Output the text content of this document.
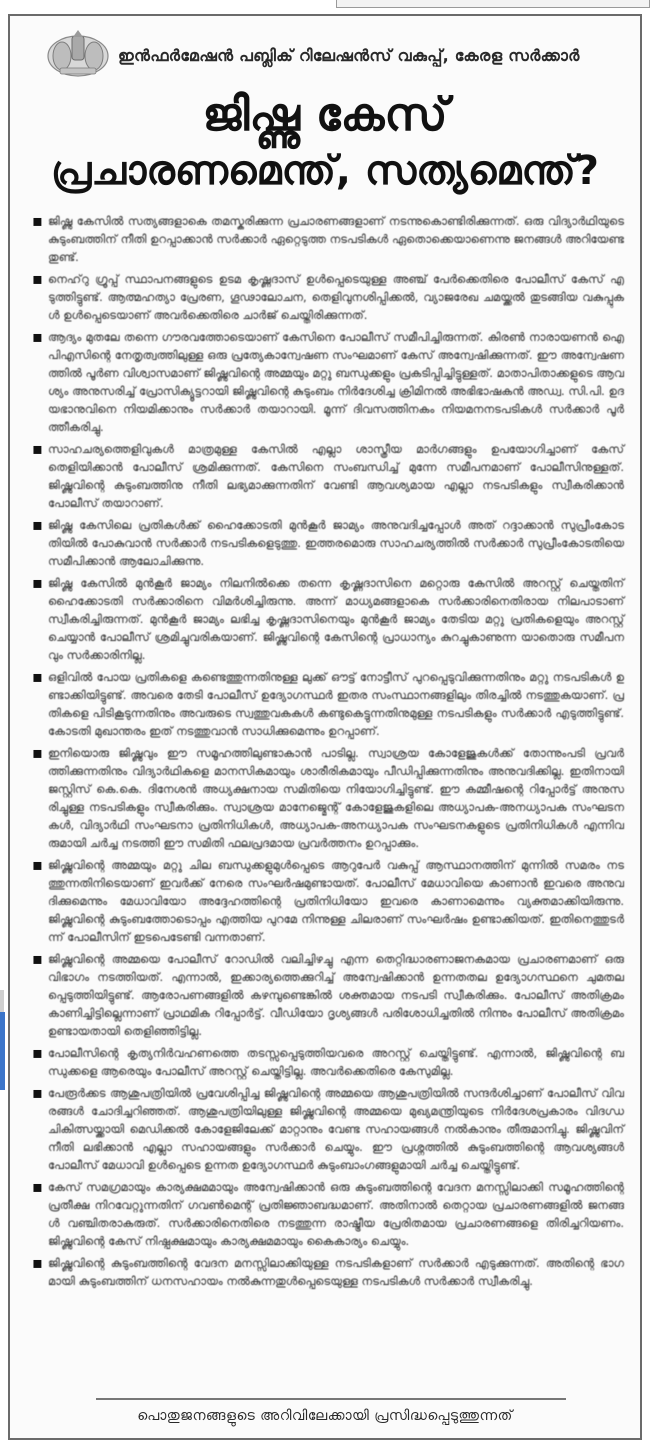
ഇൻഫർമേഷൻ പബ്ലിക് റിലേഷൻസ് വകുപ്പ്, കേരള സർക്കാർ
ജിഷ്ണു കേസ്
പ്രചാരണമെന്ത്, സത്യമെന്ത്?
▪ ജിഷ്ണു കേസിൽ സത്യങ്ങളാകെ തമസ്കരിക്കുന്ന പ്രചാരണങ്ങളാണ് നടന്നുകൊണ്ടിരിക്കുന്നത്. ഒരു വിദ്യാർഥിയുടെ കുടുംബത്തിന് നീതി ഉറപ്പാക്കാൻ സർക്കാർ ഏറ്റെടുത്ത നടപടികൾ ഏതൊക്കെയാണെന്നു ജനങ്ങൾ അറിയേണ്ടതുണ്ട്.
▪ നെഹ്‌റു ഗ്രൂപ്പ് സ്ഥാപനങ്ങളുടെ ഉടമ കൃഷ്ണദാസ് ഉൾപ്പെടെയുള്ള അഞ്ച് പേർക്കെതിരെ പോലീസ് കേസ് എടുത്തിട്ടുണ്ട്. ആത്മഹത്യാ പ്രേരണ, ഗൂഢാലോചന, തെളിവുനശിപ്പിക്കൽ, വ്യാജരേഖ ചമയ്ക്കൽ തുടങ്ങിയ വകുപ്പുകൾ ഉൾപ്പെടെയാണ് അവർക്കെതിരെ ചാർജ് ചെയ്തിരിക്കുന്നത്.
▪ ആദ്യം മുതലേ തന്നെ ഗൗരവത്തോടെയാണ് കേസിനെ പോലീസ് സമീപിച്ചിരുന്നത്. കിരൺ നാരായണൻ ഐപിഎസിന്റെ നേതൃത്വത്തിലുള്ള ഒരു പ്രത്യേകാന്വേഷണ സംഘമാണ് കേസ് അന്വേഷിക്കുന്നത്. ഈ അന്വേഷണത്തിൽ പൂർണ വിശ്വാസമാണ് ജിഷ്ണുവിന്റെ അമ്മയും മറ്റു ബന്ധുക്കളും പ്രകടിപ്പിച്ചിട്ടുള്ളത്. മാതാപിതാക്കളുടെ ആവശ്യം അനുസരിച്ച് പ്രോസിക്യൂട്ടറായി ജിഷ്ണുവിന്റെ കുടുംബം നിർദേശിച്ച ക്രിമിനൽ അഭിഭാഷകൻ അഡ്വ. സി.പി. ഉദയഭാനുവിനെ നിയമിക്കാനും സർക്കാർ തയാറായി. മൂന്ന് ദിവസത്തിനകം നിയമനനടപടികൾ സർക്കാർ പൂർത്തീകരിച്ചു.
▪ സാഹചര്യത്തെളിവുകൾ മാത്രമുള്ള കേസിൽ എല്ലാ ശാസ്ത്രീയ മാർഗങ്ങളും ഉപയോഗിച്ചാണ് കേസ് തെളിയിക്കാൻ പോലീസ് ശ്രമിക്കുന്നത്. കേസിനെ സംബന്ധിച്ച് മുന്നേ സമീപനമാണ് പോലീസിനുള്ളത്. ജിഷ്ണുവിന്റെ കുടുംബത്തിനു നീതി ലഭ്യമാക്കുന്നതിന് വേണ്ടി ആവശ്യമായ എല്ലാ നടപടികളും സ്വീകരിക്കാൻ പോലീസ് തയാറാണ്.
▪ ജിഷ്ണു കേസിലെ പ്രതികൾക്ക് ഹൈക്കോടതി മുൻകൂർ ജാമ്യം അനുവദിച്ചപ്പോൾ അത് റദ്ദാക്കാൻ സുപ്രീംകോടതിയിൽ പോകുവാൻ സർക്കാർ നടപടികളെടുത്തു. ഇത്തരമൊരു സാഹചര്യത്തിൽ സർക്കാർ സുപ്രീംകോടതിയെ സമീപിക്കാൻ ആലോചിക്കുന്നു.
▪ ജിഷ്ണു കേസിൽ മുൻകൂർ ജാമ്യം നിലനിൽക്കെ തന്നെ കൃഷ്ണദാസിനെ മറ്റൊരു കേസിൽ അറസ്റ്റ് ചെയ്തതിന് ഹൈക്കോടതി സർക്കാരിനെ വിമർശിച്ചിരുന്നു. അന്ന് മാധ്യമങ്ങളാകെ സർക്കാരിനെതിരായ നിലപാടാണ് സ്വീകരിച്ചിരുന്നത്. മുൻകൂർ ജാമ്യം ലഭിച്ച കൃഷ്ണദാസിനെയും മുൻകൂർ ജാമ്യം തേടിയ മറ്റു പ്രതികളെയും അറസ്റ്റ് ചെയ്യാൻ പോലീസ് ശ്രമിച്ചുവരികയാണ്. ജിഷ്ണുവിന്റെ കേസിന്റെ പ്രാധാന്യം കുറച്ചുകാണുന്ന യാതൊരു സമീപനവും സർക്കാരിനില്ല.
▪ ഒളിവിൽ പോയ പ്രതികളെ കണ്ടെത്തുന്നതിനുള്ള ലുക്ക് ഔട്ട് നോട്ടീസ് പുറപ്പെടുവിക്കുന്നതിനും മറ്റു നടപടികൾ ഉണ്ടാക്കിയിട്ടുണ്ട്. അവരെ തേടി പോലീസ് ഉദ്യോഗസ്ഥർ ഇതര സംസ്ഥാനങ്ങളിലും തിരച്ചിൽ നടത്തുകയാണ്. പ്രതികളെ പിടികൂടുന്നതിനും അവരുടെ സ്വത്തുവകകൾ കണ്ടുകെട്ടുന്നതിനുമുള്ള നടപടികളും സർക്കാർ എടുത്തിട്ടുണ്ട്. കോടതി മുഖാന്തരം ഇത് നടത്തുവാൻ സാധിക്കുമെന്നും ഉറപ്പാണ്.
▪ ഇനിയൊരു ജിഷ്ണുവും ഈ സമൂഹത്തിലുണ്ടാകാൻ പാടില്ല. സ്വാശ്രയ കോളേജുകൾക്ക് തോന്നുംപടി പ്രവർത്തിക്കുന്നതിനും വിദ്യാർഥികളെ മാനസികമായും ശാരീരികമായും പീഡിപ്പിക്കുന്നതിനും അനുവദിക്കില്ല. ഇതിനായി ജസ്റ്റിസ് കെ.കെ. ദിനേശൻ അധ്യക്ഷനായ സമിതിയെ നിയോഗിച്ചിട്ടുണ്ട്. ഈ കമ്മീഷന്റെ റിപ്പോർട്ട് അനുസരിച്ചുള്ള നടപടികളും സ്വീകരിക്കും. സ്വാശ്രയ മാനേജ്മെന്റ് കോളേജുകളിലെ അധ്യാപക-അനധ്യാപക സംഘടനകൾ, വിദ്യാർഥി സംഘടനാ പ്രതിനിധികൾ, അധ്യാപക-അനധ്യാപക സംഘടനകളുടെ പ്രതിനിധികൾ എന്നിവരുമായി ചർച്ച നടത്തി ഈ സമിതി ഫലപ്രദമായ പ്രവർത്തനം ഉറപ്പാക്കും.
▪ ജിഷ്ണുവിന്റെ അമ്മയും മറ്റു ചില ബന്ധുക്കളുമുൾപ്പെടെ ആറുപേർ വകുപ്പ് ആസ്ഥാനത്തിന് മുന്നിൽ സമരം നടത്തുന്നതിനിടെയാണ് ഇവർക്ക് നേരെ സംഘർഷമുണ്ടായത്. പോലീസ് മേധാവിയെ കാണാൻ ഇവരെ അനുവദിക്കുമെന്നും മേധാവിയോ അദ്ദേഹത്തിന്റെ പ്രതിനിധിയോ ഇവരെ കാണാമെന്നും വ്യക്തമാക്കിയിരുന്നു. ജിഷ്ണുവിന്റെ കുടുംബത്തോടൊപ്പം എത്തിയ പുറമേ നിന്നുള്ള ചിലരാണ് സംഘർഷം ഉണ്ടാക്കിയത്. ഇതിനെത്തുടർന്ന് പോലീസിന് ഇടപെടേണ്ടി വന്നതാണ്.
▪ ജിഷ്ണുവിന്റെ അമ്മയെ പോലീസ് റോഡിൽ വലിച്ചിഴച്ചു എന്ന തെറ്റിദ്ധാരണാജനകമായ പ്രചാരണമാണ് ഒരു വിഭാഗം നടത്തിയത്. എന്നാൽ, ഇക്കാര്യത്തെക്കുറിച്ച് അന്വേഷിക്കാൻ ഉന്നതതല ഉദ്യോഗസ്ഥനെ ചുമതലപ്പെടുത്തിയിട്ടുണ്ട്. ആരോപണങ്ങളിൽ കഴമ്പുണ്ടെങ്കിൽ ശക്തമായ നടപടി സ്വീകരിക്കും. പോലീസ് അതിക്രമം കാണിച്ചിട്ടില്ലെന്നാണ് പ്രാഥമിക റിപ്പോർട്ട്. വീഡിയോ ദൃശ്യങ്ങൾ പരിശോധിച്ചതിൽ നിന്നും പോലീസ് അതിക്രമം ഉണ്ടായതായി തെളിഞ്ഞിട്ടില്ല.
▪ പോലീസിന്റെ കൃത്യനിർവഹണത്തെ തടസ്സപ്പെടുത്തിയവരെ അറസ്റ്റ് ചെയ്തിട്ടുണ്ട്. എന്നാൽ, ജിഷ്ണുവിന്റെ ബന്ധുക്കളെ ആരെയും പോലീസ് അറസ്റ്റ് ചെയ്തിട്ടില്ല. അവർക്കെതിരെ കേസുമില്ല.
▪ പേരൂർക്കട ആശുപത്രിയിൽ പ്രവേശിപ്പിച്ച ജിഷ്ണുവിന്റെ അമ്മയെ ആശുപത്രിയിൽ സന്ദർശിച്ചാണ് പോലീസ് വിവരങ്ങൾ ചോദിച്ചറിഞ്ഞത്. ആശുപത്രിയിലുള്ള ജിഷ്ണുവിന്റെ അമ്മയെ മുഖ്യമന്ത്രിയുടെ നിർദേശപ്രകാരം വിദഗ്ധ ചികിത്സയ്ക്കായി മെഡിക്കൽ കോളേജിലേക്ക് മാറ്റാനും വേണ്ട സഹായങ്ങൾ നൽകാനും തീരുമാനിച്ചു. ജിഷ്ണുവിന് നീതി ലഭിക്കാൻ എല്ലാ സഹായങ്ങളും സർക്കാർ ചെയ്യും. ഈ പ്രശ്നത്തിൽ കുടുംബത്തിന്റെ ആവശ്യങ്ങൾ പോലീസ് മേധാവി ഉൾപ്പെടെ ഉന്നത ഉദ്യോഗസ്ഥർ കുടുംബാംഗങ്ങളുമായി ചർച്ച ചെയ്തിട്ടുണ്ട്.
▪ കേസ് സമഗ്രമായും കാര്യക്ഷമമായും അന്വേഷിക്കാൻ ഒരു കുടുംബത്തിന്റെ വേദന മനസ്സിലാക്കി സമൂഹത്തിന്റെ പ്രതീക്ഷ നിറവേറ്റുന്നതിന് ഗവൺമെന്റ് പ്രതിജ്ഞാബദ്ധമാണ്. അതിനാൽ തെറ്റായ പ്രചാരണങ്ങളിൽ ജനങ്ങൾ വഞ്ചിതരാകരുത്. സർക്കാരിനെതിരെ നടത്തുന്ന രാഷ്ട്രീയ പ്രേരിതമായ പ്രചാരണങ്ങളെ തിരിച്ചറിയണം. ജിഷ്ണുവിന്റെ കേസ് നിഷ്പക്ഷമായും കാര്യക്ഷമമായും കൈകാര്യം ചെയ്യും.
▪ ജിഷ്ണുവിന്റെ കുടുംബത്തിന്റെ വേദന മനസ്സിലാക്കിയുള്ള നടപടികളാണ് സർക്കാർ എടുക്കുന്നത്. അതിന്റെ ഭാഗമായി കുടുംബത്തിന് ധനസഹായം നൽകുന്നതുൾപ്പെടെയുള്ള നടപടികൾ സർക്കാർ സ്വീകരിച്ചു.
പൊതുജനങ്ങളുടെ അറിവിലേക്കായി പ്രസിദ്ധപ്പെടുത്തുന്നത്
